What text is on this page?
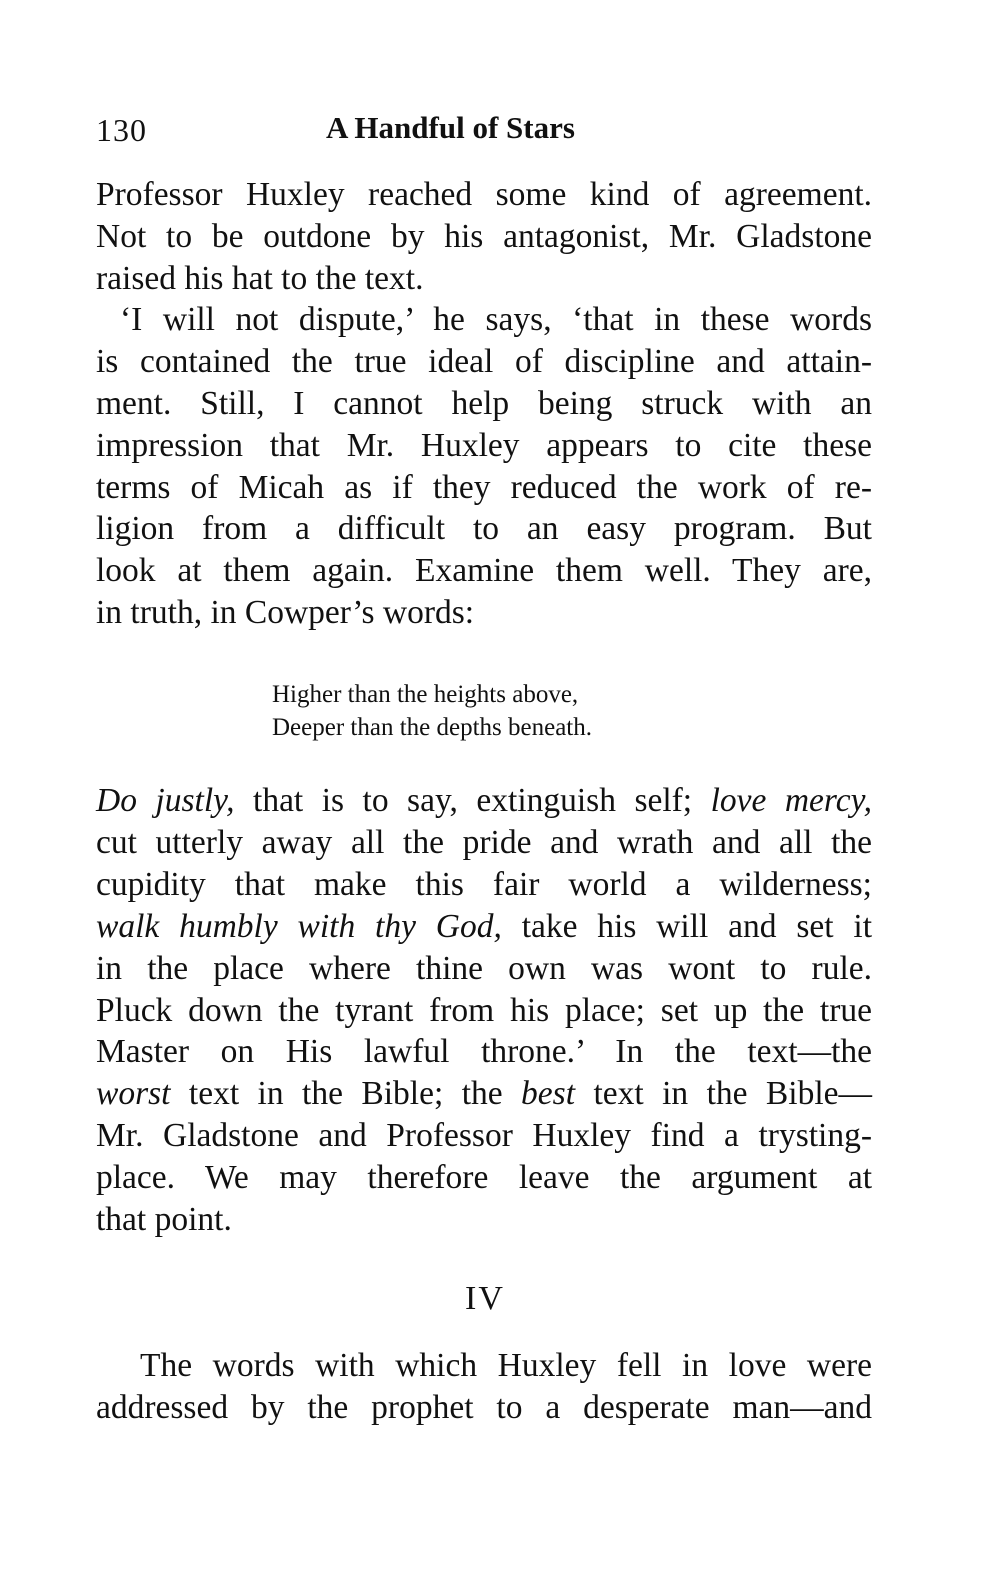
130	A Handful of Stars
Professor Huxley reached some kind of agreement.
Not to be outdone by his antagonist, Mr. Gladstone
raised his hat to the text.
‘I will not dispute,’ he says, ‘that in these words
is contained the true ideal of discipline and attain-
ment. Still, I cannot help being struck with an
impression that Mr. Huxley appears to cite these
terms of Micah as if they reduced the work of re-
ligion from a difficult to an easy program. But
look at them again. Examine them well. They are,
in truth, in Cowper’s words:
Higher than the heights above,
Deeper than the depths beneath.
Do justly, that is to say, extinguish self; love mercy,
cut utterly away all the pride and wrath and all the
cupidity that make this fair world a wilderness;
walk humbly with thy God, take his will and set it
in the place where thine own was wont to rule.
Pluck down the tyrant from his place; set up the true
Master on His lawful throne.’ In the text—the
worst text in the Bible; the best text in the Bible—
Mr. Gladstone and Professor Huxley find a trysting-
place. We may therefore leave the argument at
that point.
IV
The words with which Huxley fell in love were
addressed by the prophet to a desperate man—and
